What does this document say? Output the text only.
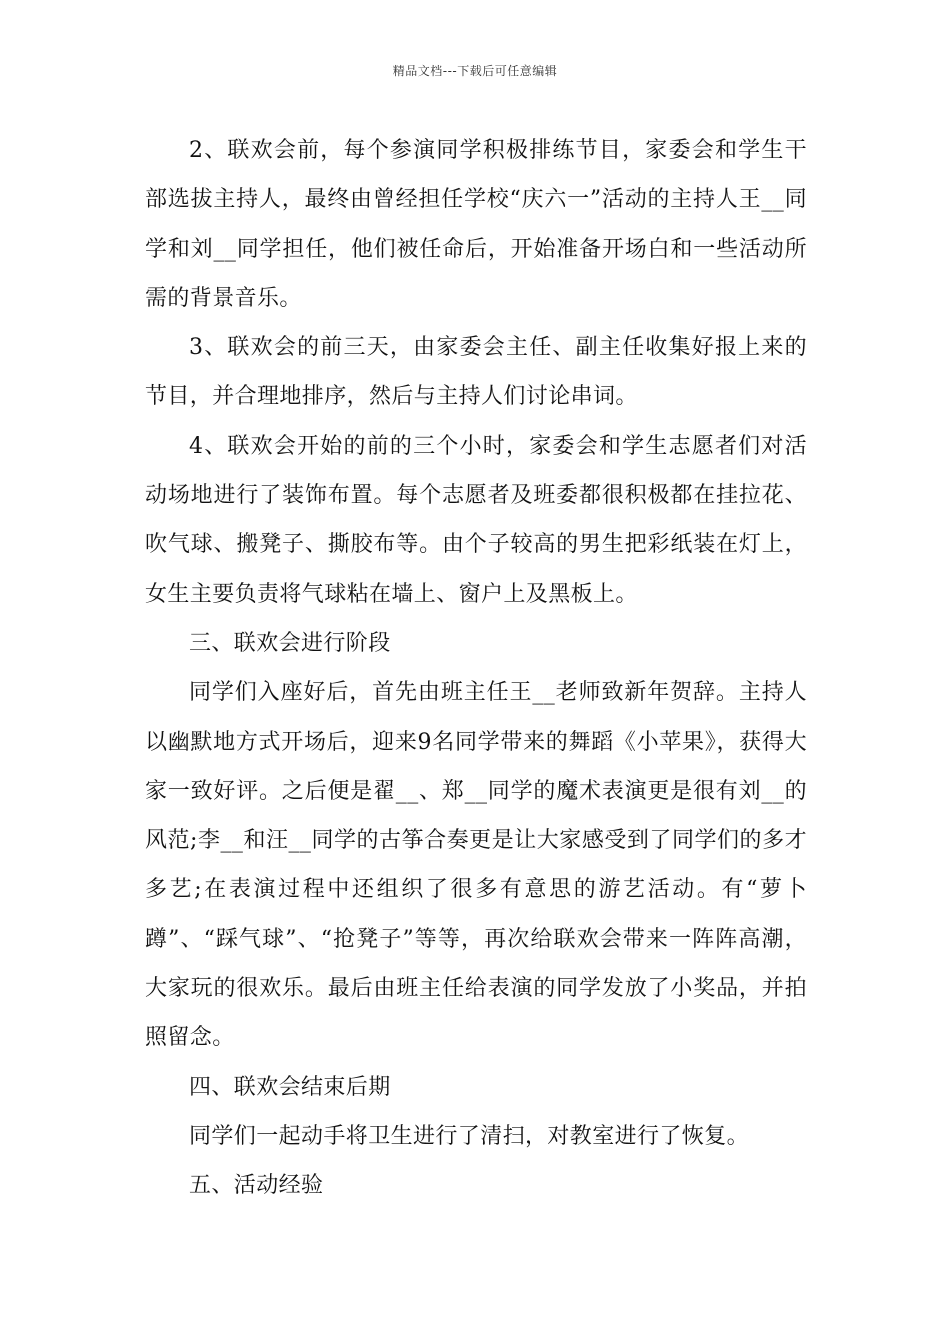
精品文档---下载后可任意编辑

2、联欢会前，每个参演同学积极排练节目，家委会和学生干部选拔主持人，最终由曾经担任学校“庆六一”活动的主持人王__同学和刘__同学担任，他们被任命后，开始准备开场白和一些活动所需的背景音乐。

3、联欢会的前三天，由家委会主任、副主任收集好报上来的节目，并合理地排序，然后与主持人们讨论串词。

4、联欢会开始的前的三个小时，家委会和学生志愿者们对活动场地进行了装饰布置。每个志愿者及班委都很积极都在挂拉花、吹气球、搬凳子、撕胶布等。由个子较高的男生把彩纸装在灯上，女生主要负责将气球粘在墙上、窗户上及黑板上。

三、联欢会进行阶段

同学们入座好后，首先由班主任王__老师致新年贺辞。主持人以幽默地方式开场后，迎来9名同学带来的舞蹈《小苹果》，获得大家一致好评。之后便是翟__、郑__同学的魔术表演更是很有刘__的风范;李__和汪__同学的古筝合奏更是让大家感受到了同学们的多才多艺;在表演过程中还组织了很多有意思的游艺活动。有“萝卜蹲”、“踩气球”、“抢凳子”等等，再次给联欢会带来一阵阵高潮，大家玩的很欢乐。最后由班主任给表演的同学发放了小奖品，并拍照留念。

四、联欢会结束后期

同学们一起动手将卫生进行了清扫，对教室进行了恢复。

五、活动经验
